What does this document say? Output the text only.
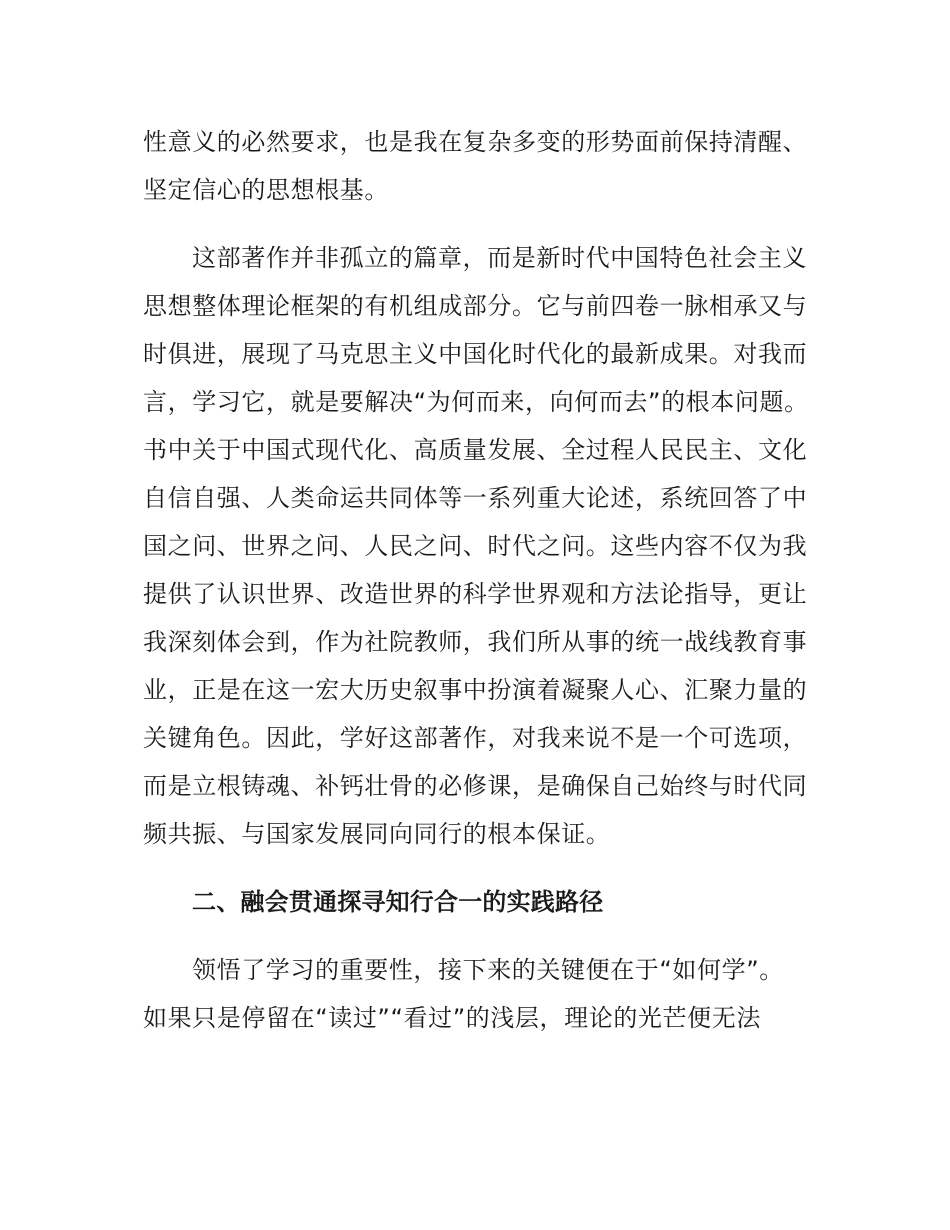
性意义的必然要求，也是我在复杂多变的形势面前保持清醒、
坚定信心的思想根基。
这部著作并非孤立的篇章，而是新时代中国特色社会主义
思想整体理论框架的有机组成部分。它与前四卷一脉相承又与
时俱进，展现了马克思主义中国化时代化的最新成果。对我而
言，学习它，就是要解决“为何而来，向何而去”的根本问题。
书中关于中国式现代化、高质量发展、全过程人民民主、文化
自信自强、人类命运共同体等一系列重大论述，系统回答了中
国之问、世界之问、人民之问、时代之问。这些内容不仅为我
提供了认识世界、改造世界的科学世界观和方法论指导，更让
我深刻体会到，作为社院教师，我们所从事的统一战线教育事
业，正是在这一宏大历史叙事中扮演着凝聚人心、汇聚力量的
关键角色。因此，学好这部著作，对我来说不是一个可选项，
而是立根铸魂、补钙壮骨的必修课，是确保自己始终与时代同
频共振、与国家发展同向同行的根本保证。
二、融会贯通探寻知行合一的实践路径
领悟了学习的重要性，接下来的关键便在于“如何学”。
如果只是停留在“读过”“看过”的浅层，理论的光芒便无法
